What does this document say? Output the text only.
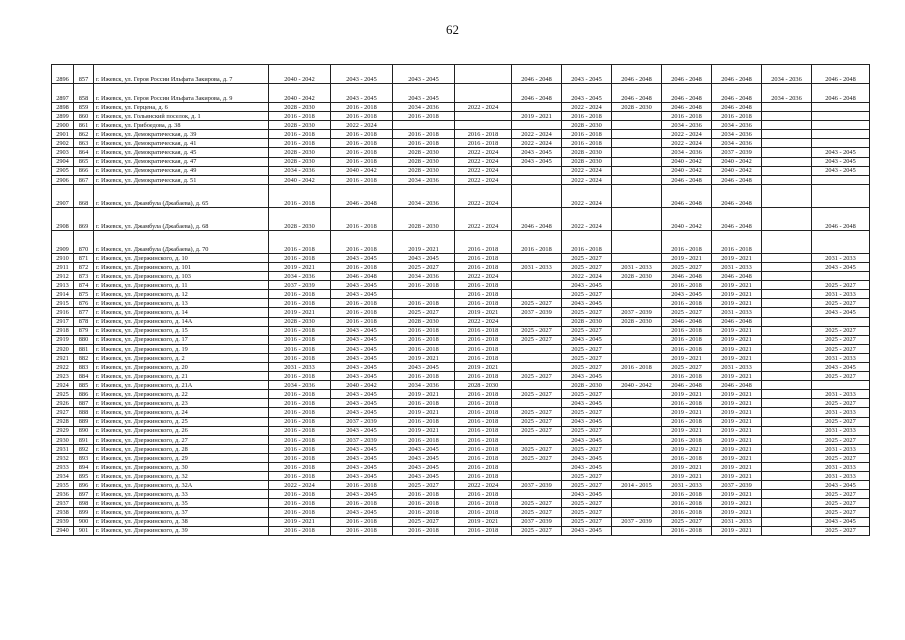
62
2896	857	г. Ижевск, ул. Героя России Ильфата Закирова, д. 7	2040 - 2042	2043 - 2045	2043 - 2045		2046 - 2048	2043 - 2045	2046 - 2048	2046 - 2048	2046 - 2048	2034 - 2036	2046 - 2048
2897	858	г. Ижевск, ул. Героя России Ильфата Закирова, д. 9	2040 - 2042	2043 - 2045	2043 - 2045		2046 - 2048	2043 - 2045	2046 - 2048	2046 - 2048	2046 - 2048	2034 - 2036	2046 - 2048
2898	859	г. Ижевск, ул. Герцена, д. 6	2028 - 2030	2016 - 2018	2034 - 2036	2022 - 2024		2022 - 2024	2028 - 2030	2046 - 2048	2046 - 2048		
2899	860	г. Ижевск, ул. Гольянский поселок, д. 1	2016 - 2018	2016 - 2018	2016 - 2018		2019 - 2021	2016 - 2018		2016 - 2018	2016 - 2018		
2900	861	г. Ижевск, ул. Грибоедова, д. 38	2028 - 2030	2022 - 2024				2028 - 2030		2034 - 2036	2034 - 2036		
2901	862	г. Ижевск, ул. Демократическая, д. 39	2016 - 2018	2016 - 2018	2016 - 2018	2016 - 2018	2022 - 2024	2016 - 2018		2022 - 2024	2034 - 2036		
2902	863	г. Ижевск, ул. Демократическая, д. 41	2016 - 2018	2016 - 2018	2016 - 2018	2016 - 2018	2022 - 2024	2016 - 2018		2022 - 2024	2034 - 2036		
2903	864	г. Ижевск, ул. Демократическая, д. 45	2028 - 2030	2016 - 2018	2028 - 2030	2022 - 2024	2043 - 2045	2028 - 2030		2034 - 2036	2037 - 2039		2043 - 2045
2904	865	г. Ижевск, ул. Демократическая, д. 47	2028 - 2030	2016 - 2018	2028 - 2030	2022 - 2024	2043 - 2045	2028 - 2030		2040 - 2042	2040 - 2042		2043 - 2045
2905	866	г. Ижевск, ул. Демократическая, д. 49	2034 - 2036	2040 - 2042	2028 - 2030	2022 - 2024		2022 - 2024		2040 - 2042	2040 - 2042		2043 - 2045
2906	867	г. Ижевск, ул. Демократическая, д. 51	2040 - 2042	2016 - 2018	2034 - 2036	2022 - 2024		2022 - 2024		2046 - 2048	2046 - 2048		
2907	868	г. Ижевск, ул. Джамбула (Джабаева), д. 65	2016 - 2018	2046 - 2048	2034 - 2036	2022 - 2024		2022 - 2024		2046 - 2048	2046 - 2048		
2908	869	г. Ижевск, ул. Джамбула (Джабаева), д. 68	2028 - 2030	2016 - 2018	2028 - 2030	2022 - 2024	2046 - 2048	2022 - 2024		2040 - 2042	2046 - 2048		2046 - 2048
2909	870	г. Ижевск, ул. Джамбула (Джабаева), д. 70	2016 - 2018	2016 - 2018	2019 - 2021	2016 - 2018	2016 - 2018	2016 - 2018		2016 - 2018	2016 - 2018		
2910	871	г. Ижевск, ул. Дзержинского, д. 10	2016 - 2018	2043 - 2045	2043 - 2045	2016 - 2018		2025 - 2027		2019 - 2021	2019 - 2021		2031 - 2033
2911	872	г. Ижевск, ул. Дзержинского, д. 101	2019 - 2021	2016 - 2018	2025 - 2027	2016 - 2018	2031 - 2033	2025 - 2027	2031 - 2033	2025 - 2027	2031 - 2033		2043 - 2045
2912	873	г. Ижевск, ул. Дзержинского, д. 103	2034 - 2036	2046 - 2048	2034 - 2036	2022 - 2024		2022 - 2024	2028 - 2030	2046 - 2048	2046 - 2048		
2913	874	г. Ижевск, ул. Дзержинского, д. 11	2037 - 2039	2043 - 2045	2016 - 2018	2016 - 2018		2043 - 2045		2016 - 2018	2019 - 2021		2025 - 2027
2914	875	г. Ижевск, ул. Дзержинского, д. 12	2016 - 2018	2043 - 2045		2016 - 2018		2025 - 2027		2043 - 2045	2019 - 2021		2031 - 2033
2915	876	г. Ижевск, ул. Дзержинского, д. 13	2016 - 2018	2016 - 2018	2016 - 2018	2016 - 2018	2025 - 2027	2043 - 2045		2016 - 2018	2019 - 2021		2025 - 2027
2916	877	г. Ижевск, ул. Дзержинского, д. 14	2019 - 2021	2016 - 2018	2025 - 2027	2019 - 2021	2037 - 2039	2025 - 2027	2037 - 2039	2025 - 2027	2031 - 2033		2043 - 2045
2917	878	г. Ижевск, ул. Дзержинского, д. 14А	2028 - 2030	2016 - 2018	2028 - 2030	2022 - 2024		2028 - 2030	2028 - 2030	2046 - 2048	2046 - 2048		
2918	879	г. Ижевск, ул. Дзержинского, д. 15	2016 - 2018	2043 - 2045	2016 - 2018	2016 - 2018	2025 - 2027	2025 - 2027		2016 - 2018	2019 - 2021		2025 - 2027
2919	880	г. Ижевск, ул. Дзержинского, д. 17	2016 - 2018	2043 - 2045	2016 - 2018	2016 - 2018	2025 - 2027	2043 - 2045		2016 - 2018	2019 - 2021		2025 - 2027
2920	881	г. Ижевск, ул. Дзержинского, д. 19	2016 - 2018	2043 - 2045	2016 - 2018	2016 - 2018		2025 - 2027		2016 - 2018	2019 - 2021		2025 - 2027
2921	882	г. Ижевск, ул. Дзержинского, д. 2	2016 - 2018	2043 - 2045	2019 - 2021	2016 - 2018		2025 - 2027		2019 - 2021	2019 - 2021		2031 - 2033
2922	883	г. Ижевск, ул. Дзержинского, д. 20	2031 - 2033	2043 - 2045	2043 - 2045	2019 - 2021		2025 - 2027	2016 - 2018	2025 - 2027	2031 - 2033		2043 - 2045
2923	884	г. Ижевск, ул. Дзержинского, д. 21	2016 - 2018	2043 - 2045	2016 - 2018	2016 - 2018	2025 - 2027	2043 - 2045		2016 - 2018	2019 - 2021		2025 - 2027
2924	885	г. Ижевск, ул. Дзержинского, д. 21А	2034 - 2036	2040 - 2042	2034 - 2036	2028 - 2030		2028 - 2030	2040 - 2042	2046 - 2048	2046 - 2048		
2925	886	г. Ижевск, ул. Дзержинского, д. 22	2016 - 2018	2043 - 2045	2019 - 2021	2016 - 2018	2025 - 2027	2025 - 2027		2019 - 2021	2019 - 2021		2031 - 2033
2926	887	г. Ижевск, ул. Дзержинского, д. 23	2016 - 2018	2043 - 2045	2016 - 2018	2016 - 2018		2043 - 2045		2016 - 2018	2019 - 2021		2025 - 2027
2927	888	г. Ижевск, ул. Дзержинского, д. 24	2016 - 2018	2043 - 2045	2019 - 2021	2016 - 2018	2025 - 2027	2025 - 2027		2019 - 2021	2019 - 2021		2031 - 2033
2928	889	г. Ижевск, ул. Дзержинского, д. 25	2016 - 2018	2037 - 2039	2016 - 2018	2016 - 2018	2025 - 2027	2043 - 2045		2016 - 2018	2019 - 2021		2025 - 2027
2929	890	г. Ижевск, ул. Дзержинского, д. 26	2016 - 2018	2043 - 2045	2019 - 2021	2016 - 2018	2025 - 2027	2025 - 2027		2019 - 2021	2019 - 2021		2031 - 2033
2930	891	г. Ижевск, ул. Дзержинского, д. 27	2016 - 2018	2037 - 2039	2016 - 2018	2016 - 2018		2043 - 2045		2016 - 2018	2019 - 2021		2025 - 2027
2931	892	г. Ижевск, ул. Дзержинского, д. 28	2016 - 2018	2043 - 2045	2043 - 2045	2016 - 2018	2025 - 2027	2025 - 2027		2019 - 2021	2019 - 2021		2031 - 2033
2932	893	г. Ижевск, ул. Дзержинского, д. 29	2016 - 2018	2043 - 2045	2043 - 2045	2016 - 2018	2025 - 2027	2043 - 2045		2016 - 2018	2019 - 2021		2025 - 2027
2933	894	г. Ижевск, ул. Дзержинского, д. 30	2016 - 2018	2043 - 2045	2043 - 2045	2016 - 2018		2043 - 2045		2019 - 2021	2019 - 2021		2031 - 2033
2934	895	г. Ижевск, ул. Дзержинского, д. 32	2016 - 2018	2043 - 2045	2043 - 2045	2016 - 2018		2025 - 2027		2019 - 2021	2019 - 2021		2031 - 2033
2935	896	г. Ижевск, ул. Дзержинского, д. 32А	2022 - 2024	2016 - 2018	2025 - 2027	2022 - 2024	2037 - 2039	2025 - 2027	2014 - 2015	2031 - 2033	2037 - 2039		2043 - 2045
2936	897	г. Ижевск, ул. Дзержинского, д. 33	2016 - 2018	2043 - 2045	2016 - 2018	2016 - 2018		2043 - 2045		2016 - 2018	2019 - 2021		2025 - 2027
2937	898	г. Ижевск, ул. Дзержинского, д. 35	2016 - 2018	2016 - 2018	2016 - 2018	2016 - 2018	2025 - 2027	2025 - 2027		2016 - 2018	2019 - 2021		2025 - 2027
2938	899	г. Ижевск, ул. Дзержинского, д. 37	2016 - 2018	2043 - 2045	2016 - 2018	2016 - 2018	2025 - 2027	2025 - 2027		2016 - 2018	2019 - 2021		2025 - 2027
2939	900	г. Ижевск, ул. Дзержинского, д. 38	2019 - 2021	2016 - 2018	2025 - 2027	2019 - 2021	2037 - 2039	2025 - 2027	2037 - 2039	2025 - 2027	2031 - 2033		2043 - 2045
2940	901	г. Ижевск, ул. Дзержинского, д. 39	2016 - 2018	2016 - 2018	2016 - 2018	2016 - 2018	2025 - 2027	2043 - 2045		2016 - 2018	2019 - 2021		2025 - 2027
